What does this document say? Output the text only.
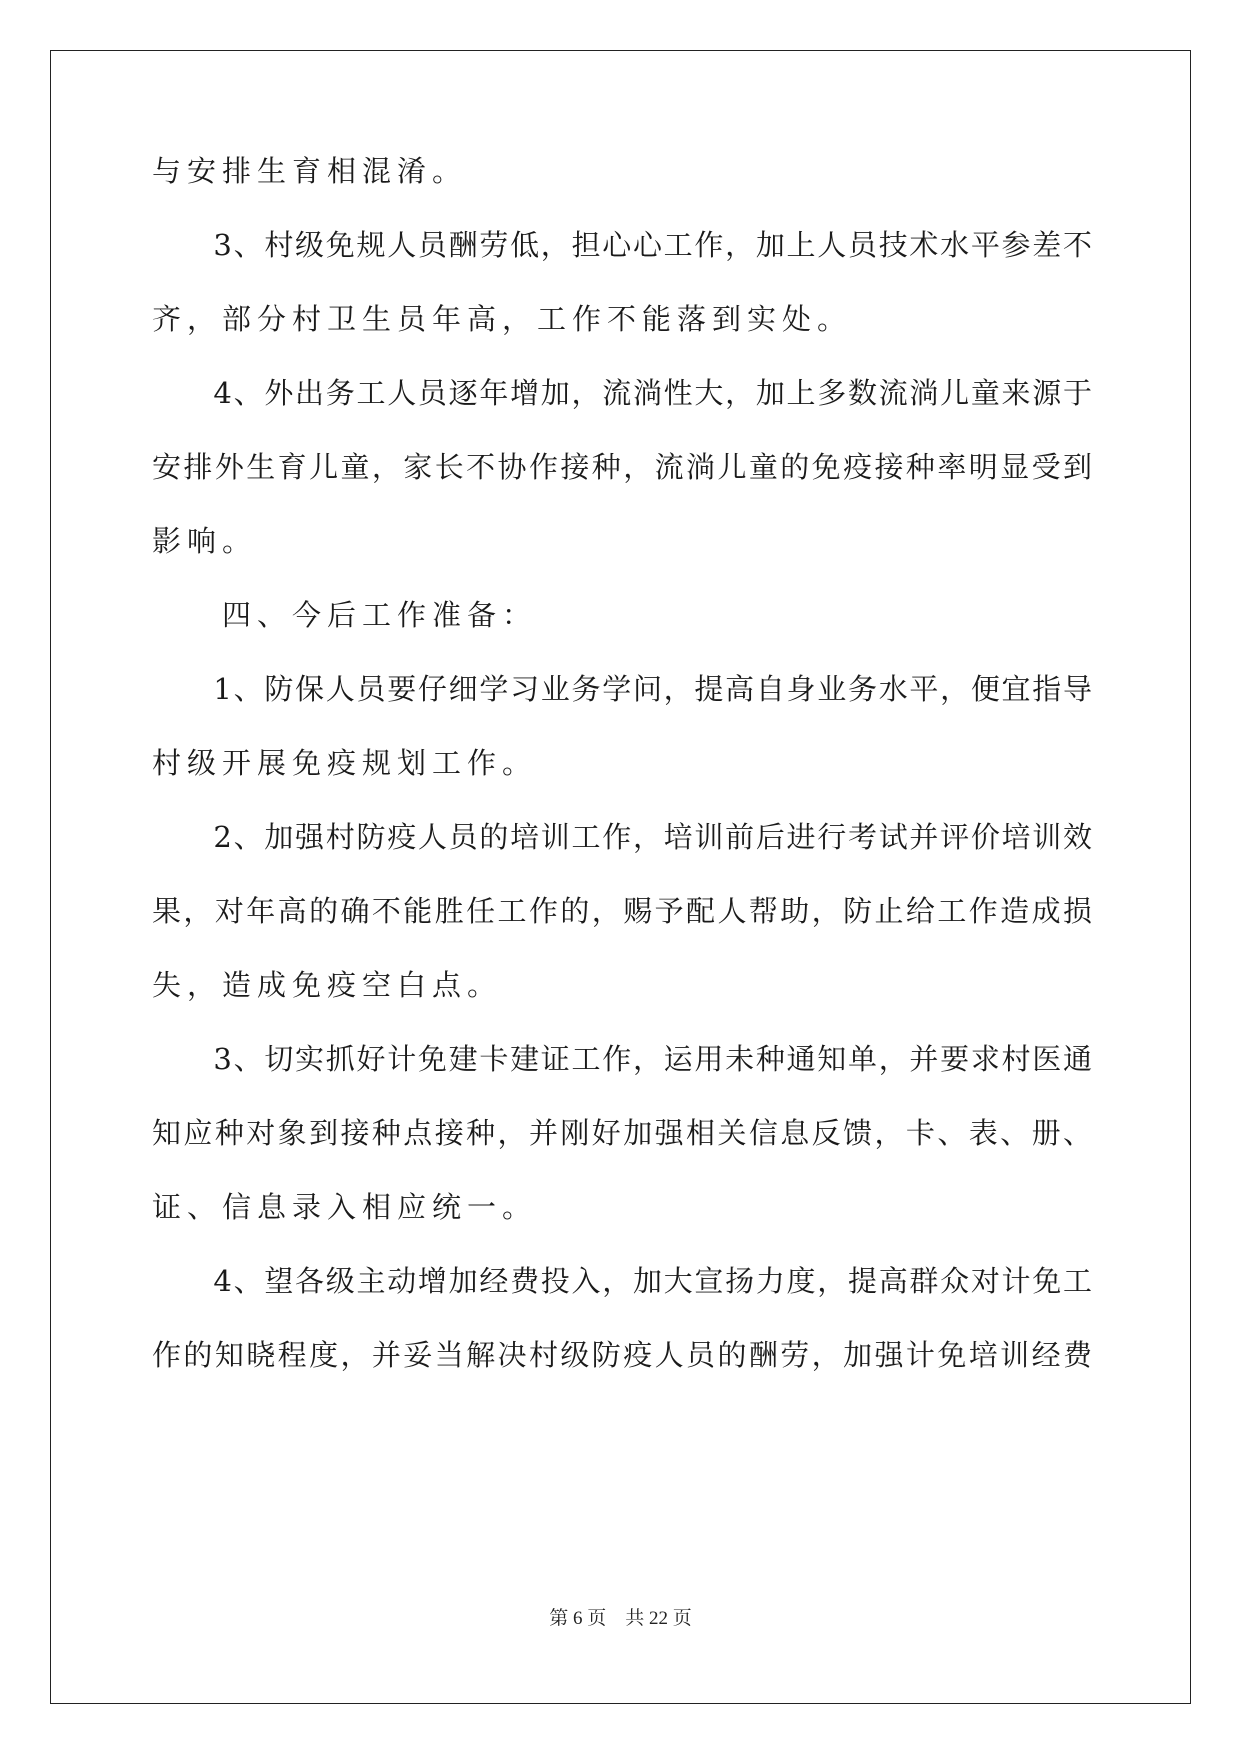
与安排生育相混淆。
　　3、村级免规人员酬劳低，担心心工作，加上人员技术水平参差不
齐，部分村卫生员年高，工作不能落到实处。
　　4、外出务工人员逐年增加，流淌性大，加上多数流淌儿童来源于
安排外生育儿童，家长不协作接种，流淌儿童的免疫接种率明显受到
影响。
　　四、今后工作准备：
　　1、防保人员要仔细学习业务学问，提高自身业务水平，便宜指导
村级开展免疫规划工作。
　　2、加强村防疫人员的培训工作，培训前后进行考试并评价培训效
果，对年高的确不能胜任工作的，赐予配人帮助，防止给工作造成损
失，造成免疫空白点。
　　3、切实抓好计免建卡建证工作，运用未种通知单，并要求村医通
知应种对象到接种点接种，并刚好加强相关信息反馈，卡、表、册、
证、信息录入相应统一。
　　4、望各级主动增加经费投入，加大宣扬力度，提高群众对计免工
作的知晓程度，并妥当解决村级防疫人员的酬劳，加强计免培训经费
第 6 页　共 22 页
